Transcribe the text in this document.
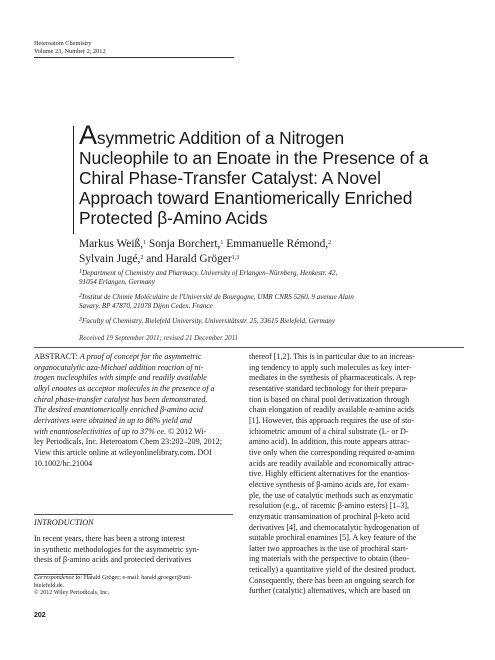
Heteroatom Chemistry
Volume 23, Number 2, 2012
Asymmetric Addition of a Nitrogen
Nucleophile to an Enoate in the Presence of a
Chiral Phase-Transfer Catalyst: A Novel
Approach toward Enantiomerically Enriched
Protected β-Amino Acids
Markus Weiß,$^1$ Sonja Borchert,$^1$ Emmanuelle Rémond,$^2$
Sylvain Jugé,$^2$ and Harald Gröger$^{1,3}$
$^1$Department of Chemistry and Pharmacy, University of Erlangen–Nürnberg, Henkestr. 42,
91054 Erlangen, Germany
$^2$Institut de Chimie Moléculaire de l'Université de Bourgogne, UMR CNRS 5260, 9 avenue Alain
Savary, BP 47870, 21078 Dijon Cedex, France
$^3$Faculty of Chemistry, Bielefeld University, Universitätsstr. 25, 33615 Bielefeld, Germany
Received 19 September 2011; revised 21 December 2011
ABSTRACT: A proof of concept for the asymmetric
organocatalytic aza-Michael addition reaction of ni-
trogen nucleophiles with simple and readily available
alkyl enoates as acceptor molecules in the presence of a
chiral phase-transfer catalyst has been demonstrated.
The desired enantiomerically enriched β-amino acid
derivatives were obtained in up to 86% yield and
with enantioselectivities of up to 37% ee. © 2012 Wi-
ley Periodicals, Inc. Heteroatom Chem 23:202–209, 2012;
View this article online at wileyonlinelibrary.com. DOI
10.1002/hc.21004
INTRODUCTION
In recent years, there has been a strong interest
in synthetic methodologies for the asymmetric syn-
thesis of β-amino acids and protected derivatives
Correspondence to: Harald Gröger; e-mail: harald.groeger@uni-
bielefeld.de.
© 2012 Wiley Periodicals, Inc.
202
thereof [1,2]. This is in particular due to an increas-
ing tendency to apply such molecules as key inter-
mediates in the synthesis of pharmaceuticals. A rep-
resentative standard technology for their prepara-
tion is based on chiral pool derivatization through
chain elongation of readily available α-amino acids
[1]. However, this approach requires the use of sto-
ichiometric amount of a chiral substrate (L- or D-
amino acid). In addition, this route appears attrac-
tive only when the corresponding required α-amino
acids are readily available and economically attrac-
tive. Highly efficient alternatives for the enantios-
elective synthesis of β-amino acids are, for exam-
ple, the use of catalytic methods such as enzymatic
resolution (e.g., of racemic β-amino esters) [1–3],
enzymatic transamination of prochiral β-keto acid
derivatives [4], and chemocatalytic hydrogenation of
suitable prochiral enamines [5]. A key feature of the
latter two approaches is the use of prochiral start-
ing materials with the perspective to obtain (theo-
retically) a quantitative yield of the desired product.
Consequently, there has been an ongoing search for
further (catalytic) alternatives, which are based on
